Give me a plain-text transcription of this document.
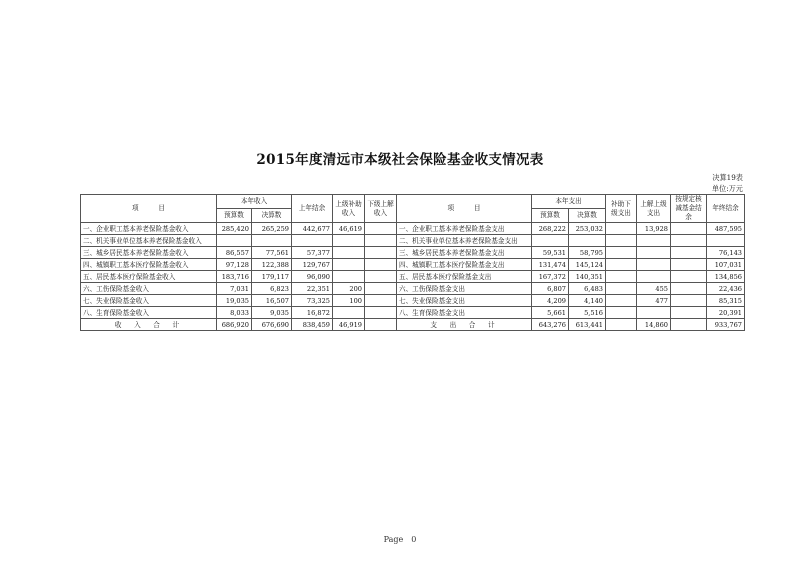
2015年度清远市本级社会保险基金收支情况表
决算19表
单位:万元
项　　　目	本年收入		上年结余	上级补助收入	下级上解收入	项　　　目	本年支出		补助下级支出	上解上级支出	按规定核减基金结余	年终结余
	预算数	决算数					预算数	决算数				
一、企业职工基本养老保险基金收入	285,420	265,259	442,677	46,619		一、企业职工基本养老保险基金支出	268,222	253,032		13,928		487,595
二、机关事业单位基本养老保险基金收入						二、机关事业单位基本养老保险基金支出						
三、城乡居民基本养老保险基金收入	86,557	77,561	57,377			三、城乡居民基本养老保险基金支出	59,531	58,795				76,143
四、城镇职工基本医疗保险基金收入	97,128	122,388	129,767			四、城镇职工基本医疗保险基金支出	131,474	145,124				107,031
五、居民基本医疗保险基金收入	183,716	179,117	96,090			五、居民基本医疗保险基金支出	167,372	140,351				134,856
六、工伤保险基金收入	7,031	6,823	22,351	200		六、工伤保险基金支出	6,807	6,483		455		22,436
七、失业保险基金收入	19,035	16,507	73,325	100		七、失业保险基金支出	4,209	4,140		477		85,315
八、生育保险基金收入	8,033	9,035	16,872			八、生育保险基金支出	5,661	5,516				20,391
收　入　合　计	686,920	676,690	838,459	46,919		支　出　合　计	643,276	613,441		14,860		933,767
Page　0
